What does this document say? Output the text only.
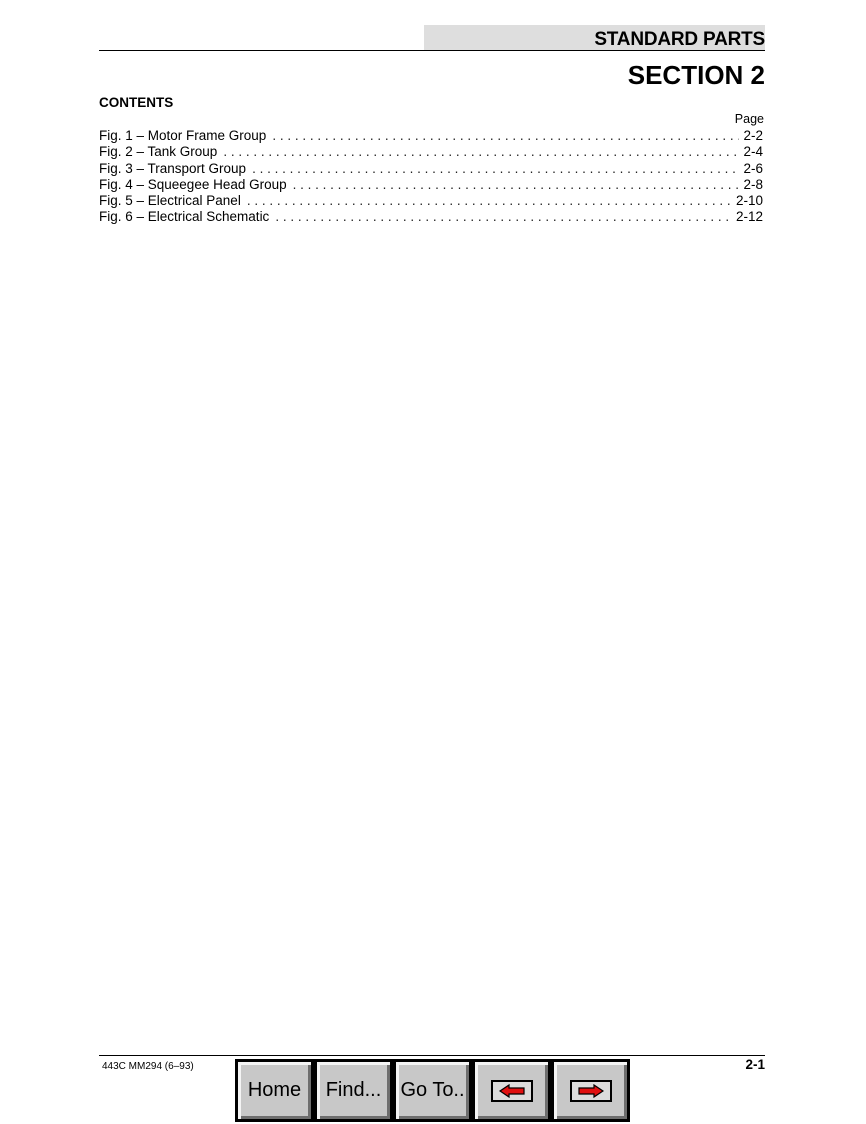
STANDARD PARTS
SECTION 2
CONTENTS
Page
Fig. 1 – Motor Frame Group . . .	2-2
Fig. 2 – Tank Group . . .	2-4
Fig. 3 – Transport Group . . .	2-6
Fig. 4 – Squeegee Head Group . . .	2-8
Fig. 5 – Electrical Panel . . .	2-10
Fig. 6 – Electrical Schematic . . .	2-12
443C MM294 (6–93)	2-1
Home	Find... Go To..
